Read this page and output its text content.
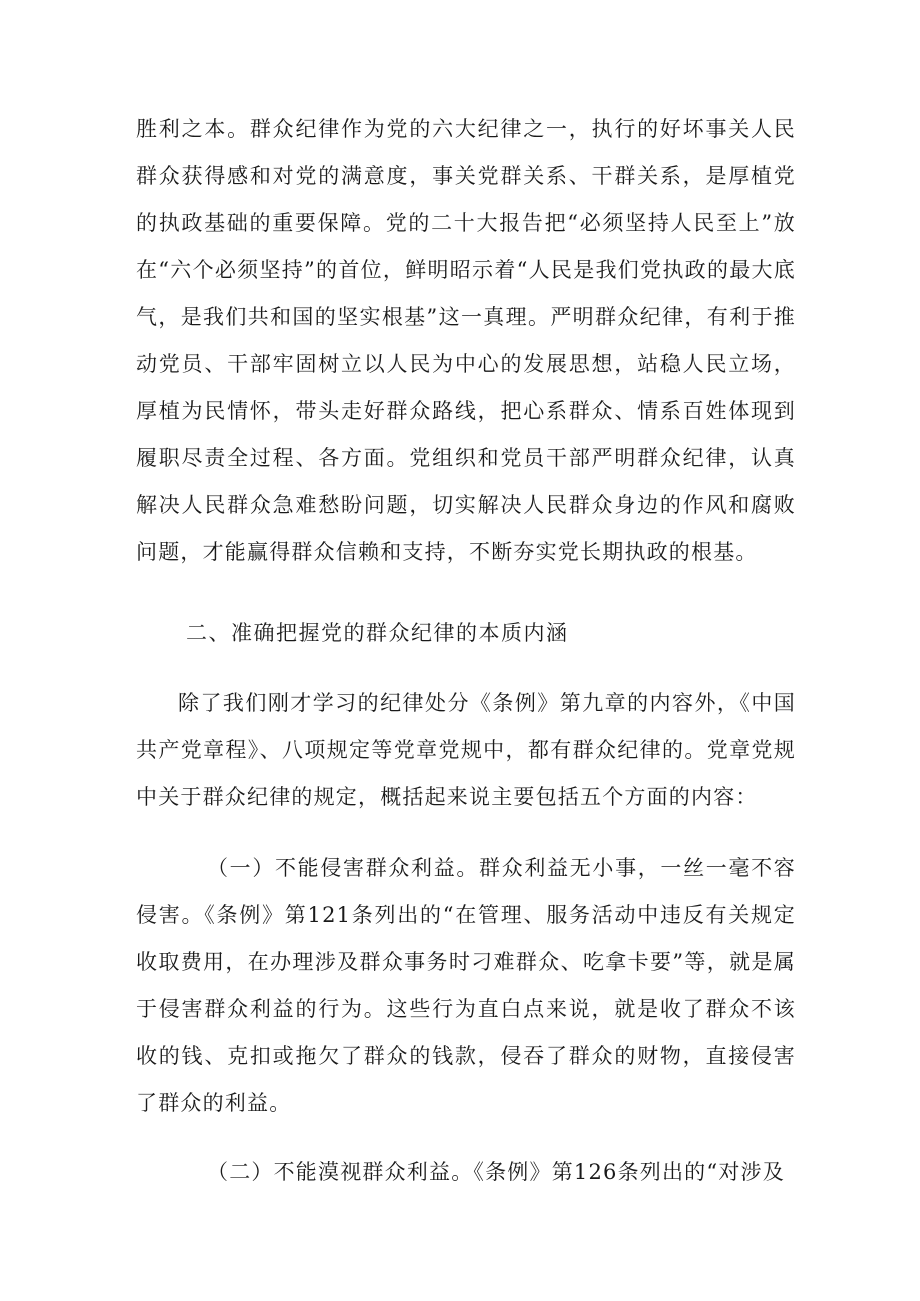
胜利之本。群众纪律作为党的六大纪律之一，执行的好坏事关人民群众获得感和对党的满意度，事关党群关系、干群关系，是厚植党的执政基础的重要保障。党的二十大报告把“必须坚持人民至上”放在“六个必须坚持”的首位，鲜明昭示着“人民是我们党执政的最大底气，是我们共和国的坚实根基”这一真理。严明群众纪律，有利于推动党员、干部牢固树立以人民为中心的发展思想，站稳人民立场，厚植为民情怀，带头走好群众路线，把心系群众、情系百姓体现到履职尽责全过程、各方面。党组织和党员干部严明群众纪律，认真解决人民群众急难愁盼问题，切实解决人民群众身边的作风和腐败问题，才能赢得群众信赖和支持，不断夯实党长期执政的根基。

二、准确把握党的群众纪律的本质内涵

除了我们刚才学习的纪律处分《条例》第九章的内容外，《中国共产党章程》、八项规定等党章党规中，都有群众纪律的。党章党规中关于群众纪律的规定，概括起来说主要包括五个方面的内容：

（一）不能侵害群众利益。群众利益无小事，一丝一毫不容侵害。《条例》第121条列出的“在管理、服务活动中违反有关规定收取费用，在办理涉及群众事务时刁难群众、吃拿卡要”等，就是属于侵害群众利益的行为。这些行为直白点来说，就是收了群众不该收的钱、克扣或拖欠了群众的钱款，侵吞了群众的财物，直接侵害了群众的利益。

（二）不能漠视群众利益。《条例》第126条列出的“对涉及
